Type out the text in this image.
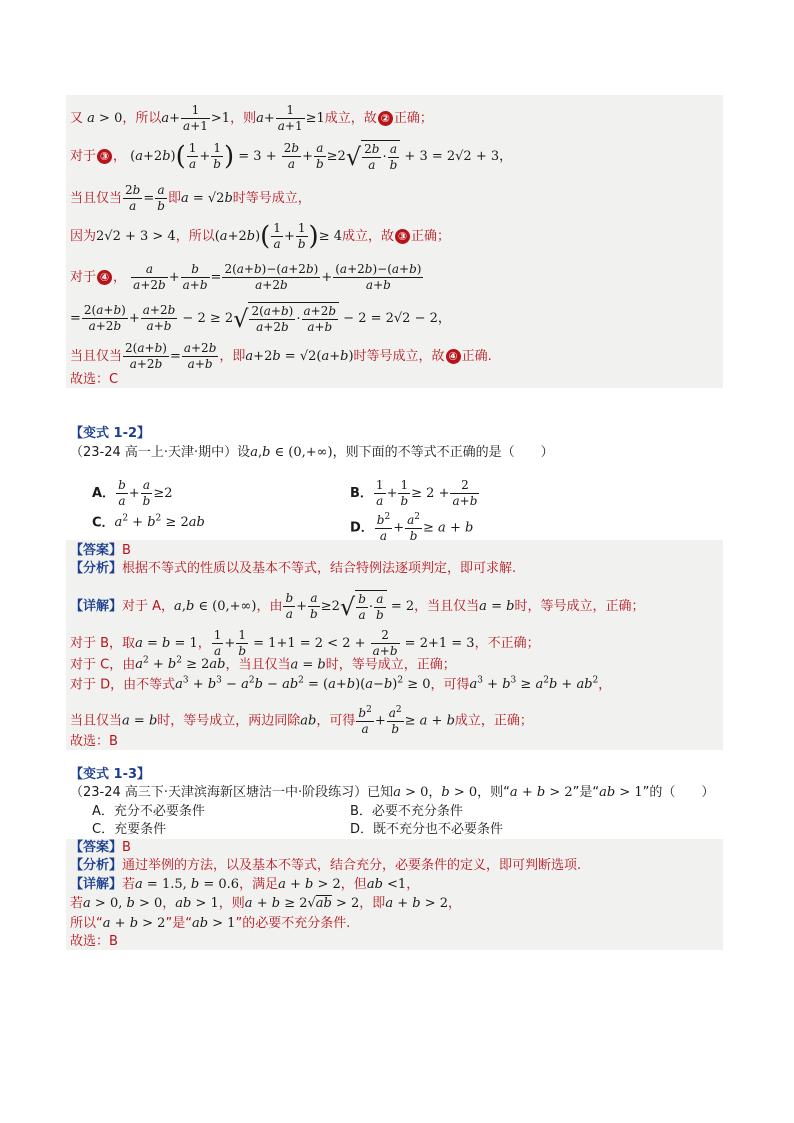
又 a > 0，所以$a+ \frac{1}{a+1} >1$，则$a+ \frac{1}{a+1} \ge 1$成立，故 ② 正确；
对于 ③ ， $(a+2b)( \frac{1}{a} + \frac{1}{b}$ ) = $3 + \frac{2b}{a} + \frac{a}{b} \ge 2√ \frac{2b}{a} \cdot \frac{a}{b} + 3 = 2√2 + 3$，
当且仅当 $\frac{2b}{a} = \frac{a}{b}$ 即a = √2b时等号成立，
因为2√2 + 3 > 4，所以$(a+2b)( \frac{1}{a} + \frac{1}{b}$ )≥ 4成立，故 ③ 正确；
对于 ④ ， $\frac{a}{a+2b} + \frac{b}{a+b} = \frac{2(a+b)-(a+2b)}{a+2b} + \frac{(a+2b)-(a+b)}{a+b}$
= $\frac{2(a+b)}{a+2b} + \frac{a+2b}{a+b} - 2 \ge 2√ \frac{2(a+b)}{a+2b} \cdot \frac{a+2b}{a+b} - 2 = 2√2 - 2$，
当且仅当 $\frac{2(a+b)}{a+2b} = \frac{a+2b}{a+b}$ ，即a+2b = √2(a+b)时等号成立，故 ④ 正确.
故选：C
【变式 1-2】
（23-24 高一上·天津·期中）设a,b ∈ (0,+∞)，则下面的不等式不正确的是（　　）
A． $\frac{b}{a} + \frac{a}{b} \ge 2$	B． $\frac{1}{a} + \frac{1}{b} \ge 2 + \frac{2}{a+b}$
C．$a^2 + b^2 \ge 2ab$	D． $\frac{b^2}{a} + \frac{a^2}{b} \ge a + b$
【答案】B
【分析】根据不等式的性质以及基本不等式，结合特例法逐项判定，即可求解.
【详解】对于 A，a,b ∈ (0,+∞)，由 $\frac{b}{a} + \frac{a}{b} \ge 2√ \frac{b}{a} \cdot \frac{a}{b} = 2$，当且仅当a = b时，等号成立，正确；
对于 B，取a = b = 1， $\frac{1}{a} + \frac{1}{b} = 1+1 = 2 < 2 + \frac{2}{a+b} = 2+1 = 3$，不正确；
对于 C，由$a^2 + b^2 \ge 2ab$，当且仅当a = b时，等号成立，正确；
对于 D，由不等式$a^3 + b^3 - a^2b - ab^2 = (a+b)(a-b)^2 \ge 0$，可得$a^3 + b^3 \ge a^2b + ab^2$，
当且仅当a = b时，等号成立，两边同除ab，可得 $\frac{b^2}{a} + \frac{a^2}{b} \ge a + b$成立，正确；
故选：B
【变式 1-3】
（23-24 高三下·天津滨海新区塘沽一中·阶段练习）已知a > 0，b > 0，则“a + b > 2”是“ab > 1”的（　　）
A．充分不必要条件	B．必要不充分条件
C．充要条件	D．既不充分也不必要条件
【答案】B
【分析】通过举例的方法，以及基本不等式，结合充分，必要条件的定义，即可判断选项.
【详解】若a = 1.5, b = 0.6，满足a + b > 2，但ab <1，
若a > 0, b > 0，ab > 1，则a + b ≥ 2√ab > 2，即a + b > 2，
所以“a + b > 2”是“ab > 1”的必要不充分条件.
故选：B
